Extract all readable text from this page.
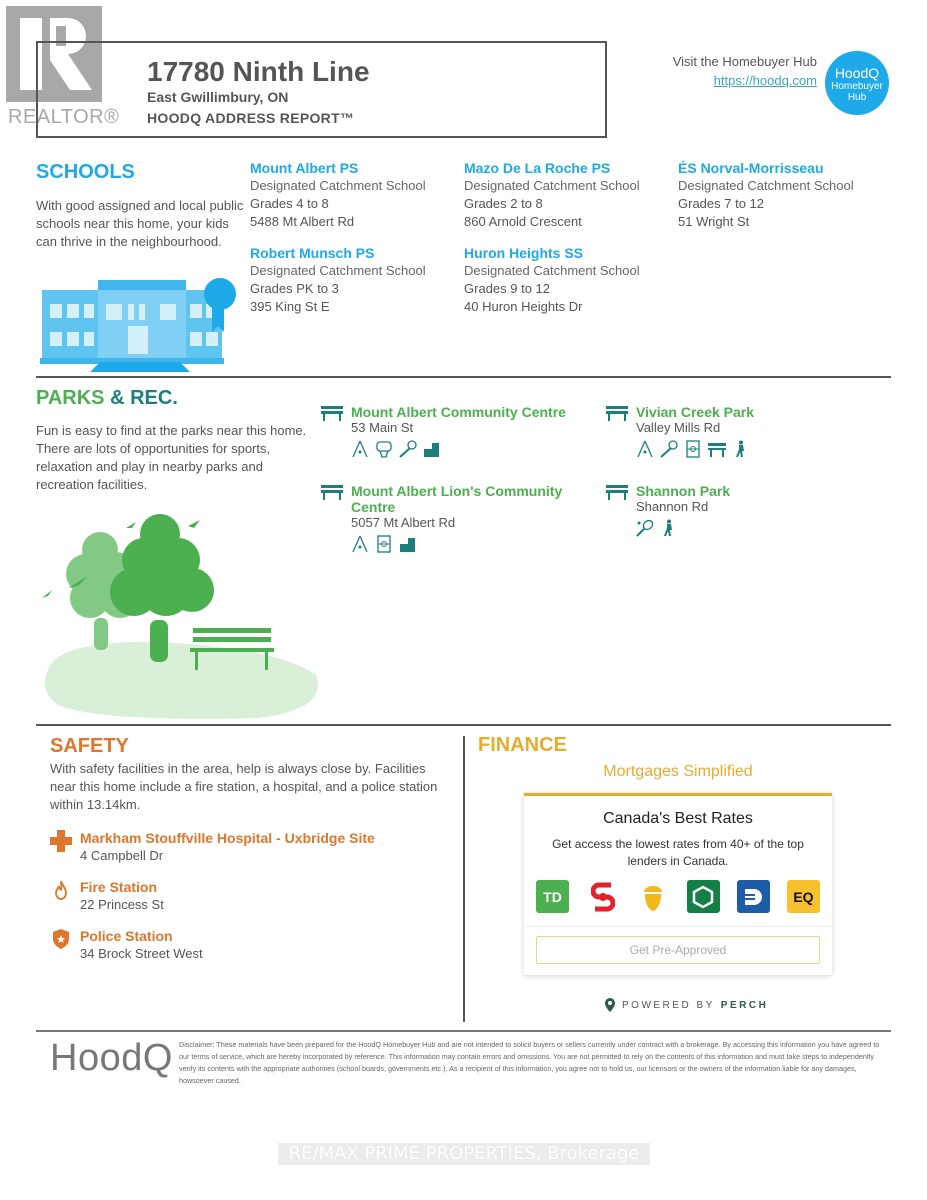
REALTOR®
17780 Ninth Line
East Gwillimbury, ON
HOODQ ADDRESS REPORT™
Visit the Homebuyer Hub
https://hoodq.com	HoodQ
Homebuyer
Hub
SCHOOLS
With good assigned and local public schools near this home, your kids can thrive in the neighbourhood.
Mount Albert PS
Designated Catchment School
Grades 4 to 8
5488 Mt Albert Rd
Mazo De La Roche PS
Designated Catchment School
Grades 2 to 8
860 Arnold Crescent
ÉS Norval-Morrisseau
Designated Catchment School
Grades 7 to 12
51 Wright St
Robert Munsch PS
Designated Catchment School
Grades PK to 3
395 King St E
Huron Heights SS
Designated Catchment School
Grades 9 to 12
40 Huron Heights Dr
PARKS & REC.
Fun is easy to find at the parks near this home. There are lots of opportunities for sports, relaxation and play in nearby parks and recreation facilities.
Mount Albert Community Centre
53 Main St
Vivian Creek Park
Valley Mills Rd
Mount Albert Lion's Community Centre
5057 Mt Albert Rd
Shannon Park
Shannon Rd
SAFETY
With safety facilities in the area, help is always close by. Facilities near this home include a fire station, a hospital, and a police station within 13.14km.
Markham Stouffville Hospital - Uxbridge Site
4 Campbell Dr
Fire Station
22 Princess St
Police Station
34 Brock Street West
FINANCE
Mortgages Simplified
Canada's Best Rates
Get access the lowest rates from 40+ of the top lenders in Canada.
TD	EQ
Get Pre-Approved
POWERED BY PERCH
HoodQ Disclaimer: These materials have been prepared for the HoodQ Homebuyer Hub and are not intended to solicit buyers or sellers currently under contract with a brokerage. By accessing this information you have agreed to our terms of service, which are hereby incorporated by reference. This information may contain errors and omissions. You are not permitted to rely on the contents of this information and must take steps to independently verify its contents with the appropriate authorities (school boards, governments etc.). As a recipient of this information, you agree not to hold us, our licensors or the owners of the information liable for any damages, howsoever caused.
RE/MAX PRIME PROPERTIES, Brokerage
